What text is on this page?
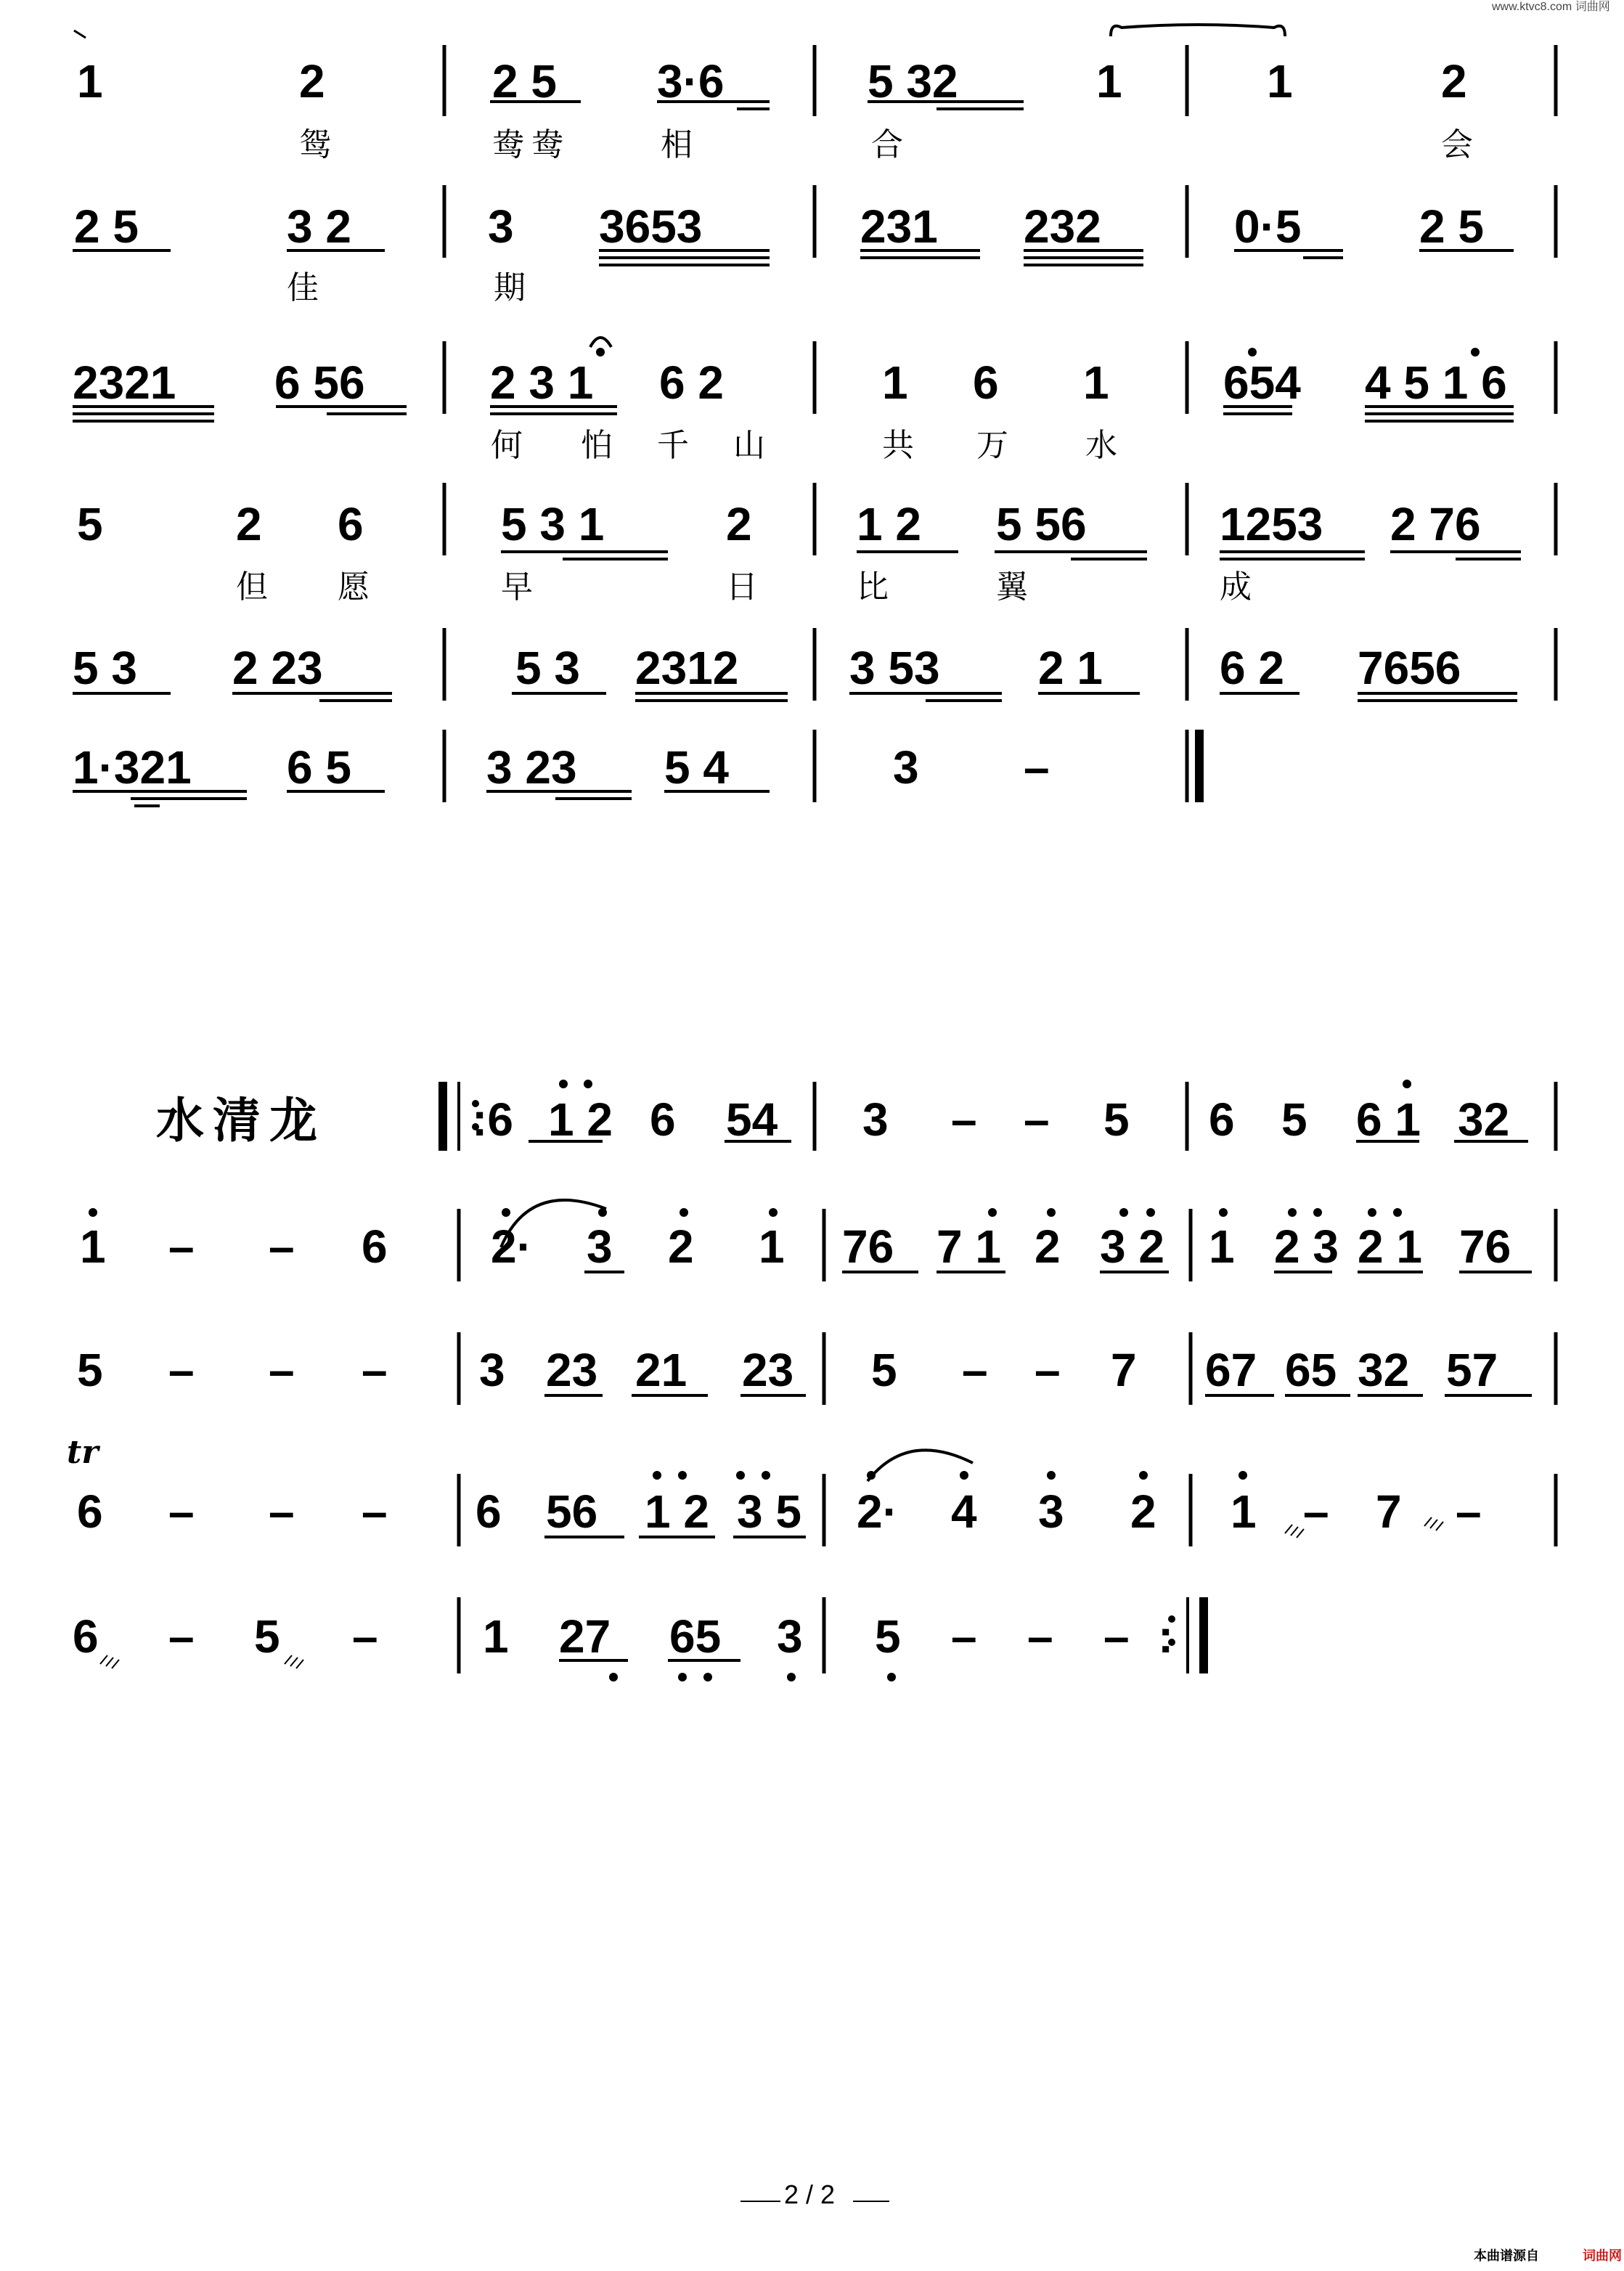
www.ktvc8.com 词曲网
1	2	2 5 3·6	5 32	1	1	2
鸳	鸯鸯	相	合	会
2 5	3 2	3 3653	231 232	0·5	2 5
佳	期
2321 6 56	2 3 1 6 2	1 6 1 654 4 5 1 6
何 怕 千 山	共 万 水
5	2 6	5 3 1	2 1 2 5 56	1253 2 76
但 愿	早	日	比	翼	成
5 3 2 23	5 3 2312 3 53 2 1	6 2 7656
1·321 6 5	3 23 5 4	3 –
水清龙
tr
:6 1 2 6 54 3 – – 5 6 5 6 1 32
1 – – 6 2· 3 2 1 76 7 1 2 3 2 1 2 3 2 1 76
5 – – – 3 23 21 23 5 – – 7 67 65 32 57
6 – – – 6 56 1 2 3 5 2· 4 3 2 1 – 7 –
6 – 5 – 1 27 65 3 5 – – – :
2 / 2
本曲谱源自	词曲网
